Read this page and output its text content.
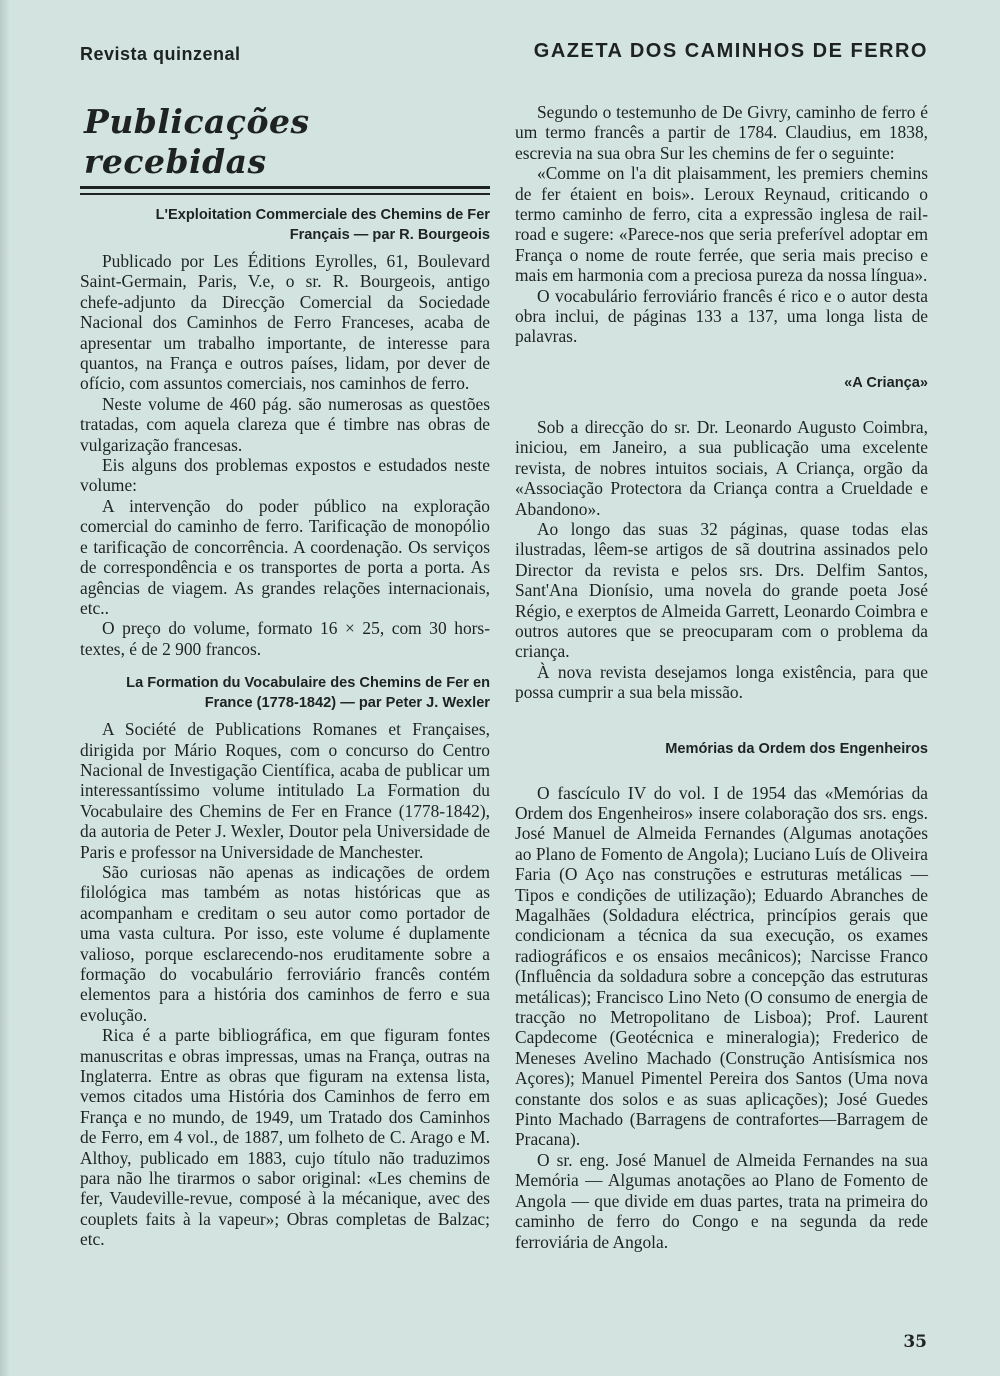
Revista quinzenal	GAZETA DOS CAMINHOS DE FERRO
Publicações recebidas
L'Exploitation Commerciale des Chemins de Fer Français — par R. Bourgeois

Publicado por Les Éditions Eyrolles, 61, Boulevard Saint-Germain, Paris, V.e, o sr. R. Bourgeois, antigo chefe-adjunto da Direcção Comercial da Sociedade Nacional dos Caminhos de Ferro Franceses, acaba de apresentar um trabalho importante, de interesse para quantos, na França e outros países, lidam, por dever de ofício, com assuntos comerciais, nos caminhos de ferro.

Neste volume de 460 pág. são numerosas as questões tratadas, com aquela clareza que é timbre nas obras de vulgarização francesas.

Eis alguns dos problemas expostos e estudados neste volume:

A intervenção do poder público na exploração comercial do caminho de ferro. Tarificação de monopólio e tarificação de concorrência. A coordenação. Os serviços de correspondência e os transportes de porta a porta. As agências de viagem. As grandes relações internacionais, etc..

O preço do volume, formato 16 × 25, com 30 hors-textes, é de 2 900 francos.

La Formation du Vocabulaire des Chemins de Fer en France (1778-1842) — par Peter J. Wexler

A Société de Publications Romanes et Françaises, dirigida por Mário Roques, com o concurso do Centro Nacional de Investigação Científica, acaba de publicar um interessantíssimo volume intitulado La Formation du Vocabulaire des Chemins de Fer en France (1778-1842), da autoria de Peter J. Wexler, Doutor pela Universidade de Paris e professor na Universidade de Manchester.

São curiosas não apenas as indicações de ordem filológica mas também as notas históricas que as acompanham e creditam o seu autor como portador de uma vasta cultura. Por isso, este volume é duplamente valioso, porque esclarecendo-nos eruditamente sobre a formação do vocabulário ferroviário francês contém elementos para a história dos caminhos de ferro e sua evolução.

Rica é a parte bibliográfica, em que figuram fontes manuscritas e obras impressas, umas na França, outras na Inglaterra. Entre as obras que figuram na extensa lista, vemos citados uma História dos Caminhos de ferro em França e no mundo, de 1949, um Tratado dos Caminhos de Ferro, em 4 vol., de 1887, um folheto de C. Arago e M. Althoy, publicado em 1883, cujo título não traduzimos para não lhe tirarmos o sabor original: «Les chemins de fer, Vaudeville-revue, composé à la mécanique, avec des couplets faits à la vapeur»; Obras completas de Balzac; etc.

Segundo o testemunho de De Givry, caminho de ferro é um termo francês a partir de 1784. Claudius, em 1838, escrevia na sua obra Sur les chemins de fer o seguinte:

«Comme on l'a dit plaisamment, les premiers chemins de fer étaient en bois». Leroux Reynaud, criticando o termo caminho de ferro, cita a expressão inglesa de rail-road e sugere: «Parece-nos que seria preferível adoptar em França o nome de route ferrée, que seria mais preciso e mais em harmonia com a preciosa pureza da nossa língua».

O vocabulário ferroviário francês é rico e o autor desta obra inclui, de páginas 133 a 137, uma longa lista de palavras.

«A Criança»

Sob a direcção do sr. Dr. Leonardo Augusto Coimbra, iniciou, em Janeiro, a sua publicação uma excelente revista, de nobres intuitos sociais, A Criança, orgão da «Associação Protectora da Criança contra a Crueldade e Abandono».

Ao longo das suas 32 páginas, quase todas elas ilustradas, lêem-se artigos de sã doutrina assinados pelo Director da revista e pelos srs. Drs. Delfim Santos, Sant'Ana Dionísio, uma novela do grande poeta José Régio, e exerptos de Almeida Garrett, Leonardo Coimbra e outros autores que se preocuparam com o problema da criança.

À nova revista desejamos longa existência, para que possa cumprir a sua bela missão.

Memórias da Ordem dos Engenheiros

O fascículo IV do vol. I de 1954 das «Memórias da Ordem dos Engenheiros» insere colaboração dos srs. engs. José Manuel de Almeida Fernandes (Algumas anotações ao Plano de Fomento de Angola); Luciano Luís de Oliveira Faria (O Aço nas construções e estruturas metálicas — Tipos e condições de utilização); Eduardo Abranches de Magalhães (Soldadura eléctrica, princípios gerais que condicionam a técnica da sua execução, os exames radiográficos e os ensaios mecânicos); Narcisse Franco (Influência da soldadura sobre a concepção das estruturas metálicas); Francisco Lino Neto (O consumo de energia de tracção no Metropolitano de Lisboa); Prof. Laurent Capdecome (Geotécnica e mineralogia); Frederico de Meneses Avelino Machado (Construção Antisísmica nos Açores); Manuel Pimentel Pereira dos Santos (Uma nova constante dos solos e as suas aplicações); José Guedes Pinto Machado (Barragens de contrafortes—Barragem de Pracana).

O sr. eng. José Manuel de Almeida Fernandes na sua Memória — Algumas anotações ao Plano de Fomento de Angola — que divide em duas partes, trata na primeira do caminho de ferro do Congo e na segunda da rede ferroviária de Angola.

35
